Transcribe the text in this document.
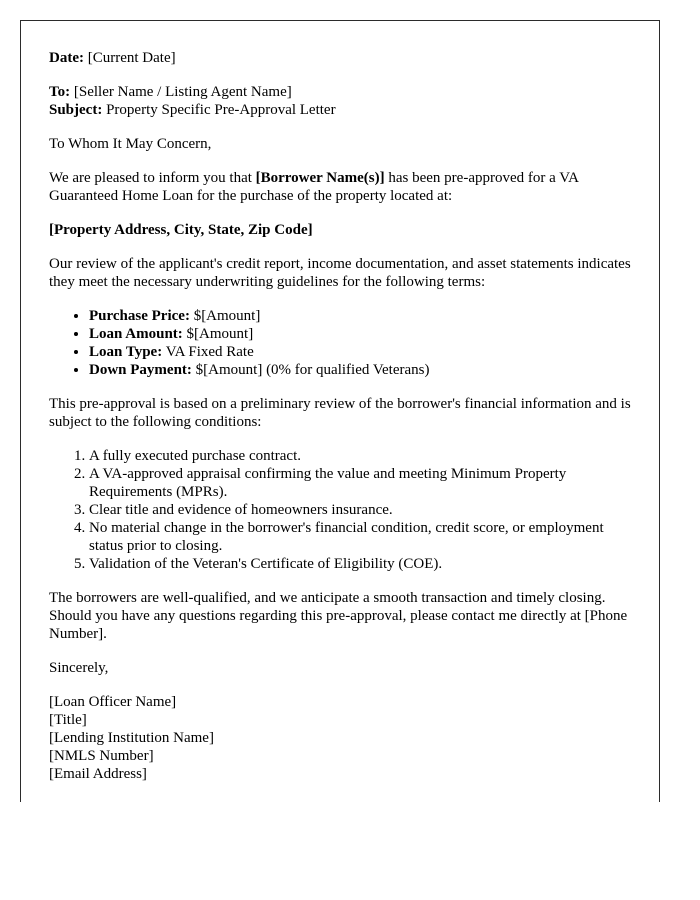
Date: [Current Date]

To: [Seller Name / Listing Agent Name]
Subject: Property Specific Pre-Approval Letter

To Whom It May Concern,

We are pleased to inform you that [Borrower Name(s)] has been pre-approved for a VA Guaranteed Home Loan for the purchase of the property located at:

[Property Address, City, State, Zip Code]

Our review of the applicant's credit report, income documentation, and asset statements indicates they meet the necessary underwriting guidelines for the following terms:

• Purchase Price: $[Amount]
• Loan Amount: $[Amount]
• Loan Type: VA Fixed Rate
• Down Payment: $[Amount] (0% for qualified Veterans)

This pre-approval is based on a preliminary review of the borrower's financial information and is subject to the following conditions:

1. A fully executed purchase contract.
2. A VA-approved appraisal confirming the value and meeting Minimum Property Requirements (MPRs).
3. Clear title and evidence of homeowners insurance.
4. No material change in the borrower's financial condition, credit score, or employment status prior to closing.
5. Validation of the Veteran's Certificate of Eligibility (COE).

The borrowers are well-qualified, and we anticipate a smooth transaction and timely closing. Should you have any questions regarding this pre-approval, please contact me directly at [Phone Number].

Sincerely,

[Loan Officer Name]
[Title]
[Lending Institution Name]
[NMLS Number]
[Email Address]
